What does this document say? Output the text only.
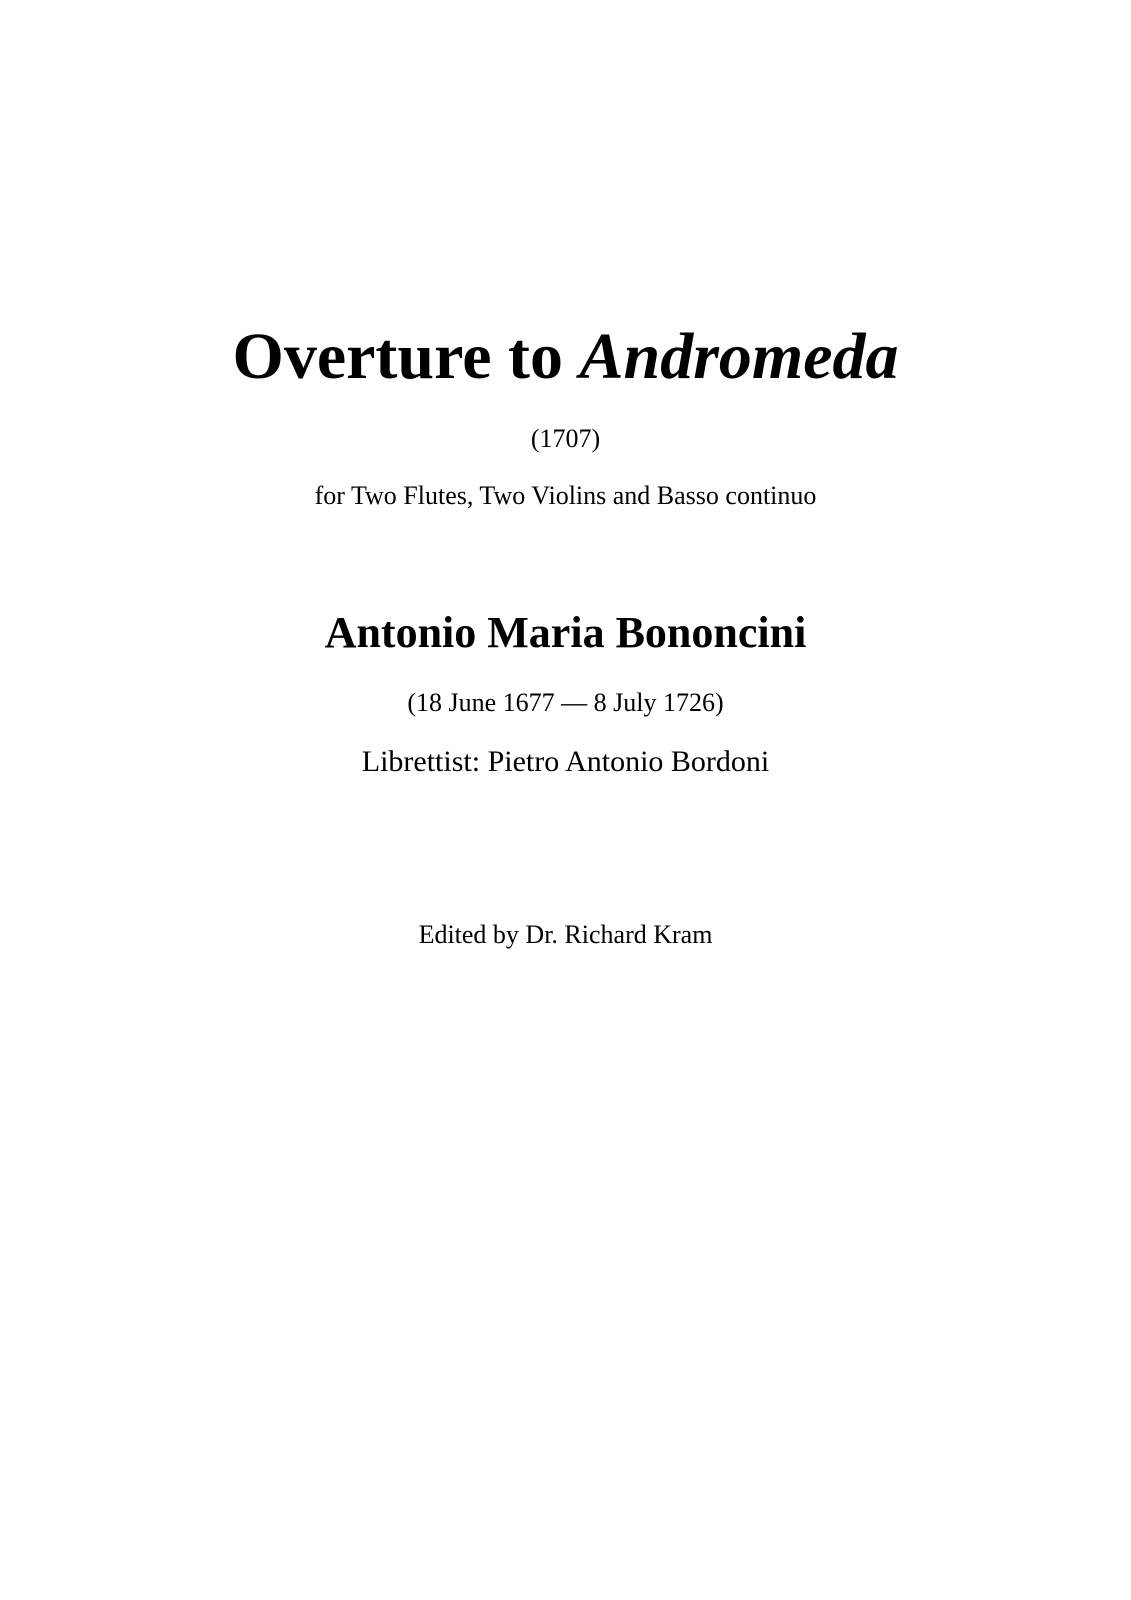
Overture to Andromeda
(1707)
for Two Flutes, Two Violins and Basso continuo
Antonio Maria Bononcini
(18 June 1677 — 8 July 1726)
Librettist: Pietro Antonio Bordoni
Edited by Dr. Richard Kram
